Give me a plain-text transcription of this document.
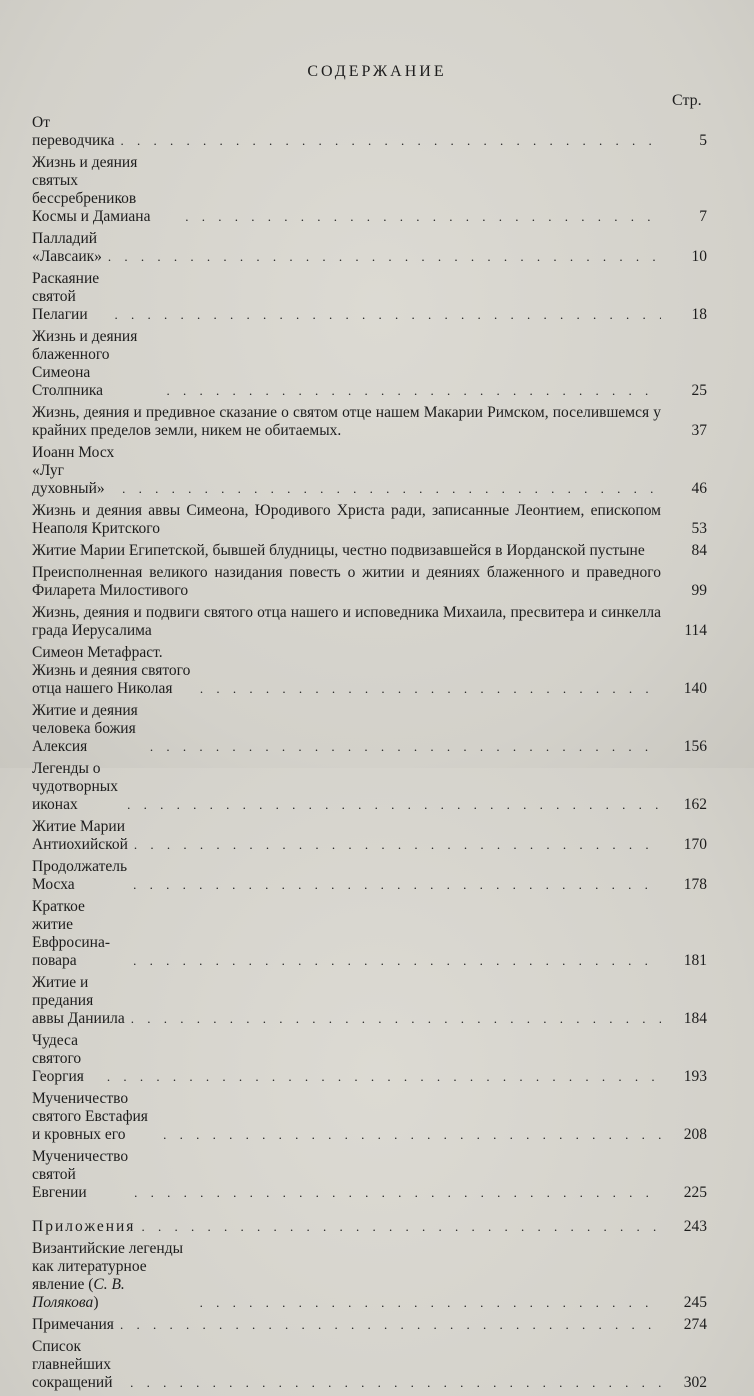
СОДЕРЖАНИЕ
Стр.
От переводчика . . .	5
Жизнь и деяния святых бессребреников Космы и Дамиана . . .	7
Палладий «Лавсаик» . . .	10
Раскаяние святой Пелагии . . .	18
Жизнь и деяния блаженного Симеона Столпника . . .	25
Жизнь, деяния и предивное сказание о святом отце нашем Макарии Римском, поселившемся у крайних пределов земли, никем не обитаемых.	37
Иоанн Мосх «Луг духовный» . . .	46
Жизнь и деяния аввы Симеона, Юродивого Христа ради, записанные Леонтием, епископом Неаполя Критского	53
Житие Марии Египетской, бывшей блудницы, честно подвизавшейся в Иорданской пустыне	84
Преисполненная великого назидания повесть о житии и деяниях блаженного и праведного Филарета Милостивого	99
Жизнь, деяния и подвиги святого отца нашего и исповедника Михаила, пресвитера и синкелла града Иерусалима	114
Симеон Метафраст. Жизнь и деяния святого отца нашего Николая . . .	140
Житие и деяния человека божия Алексия . . .	156
Легенды о чудотворных иконах . . .	162
Житие Марии Антиохийской . . .	170
Продолжатель Мосха . . .	178
Краткое житие Евфросина-повара . . .	181
Житие и предания аввы Даниила . . .	184
Чудеса святого Георгия . . .	193
Мученичество святого Евстафия и кровных его . . .	208
Мученичество святой Евгении . . .	225
Приложения . . .	243
Византийские легенды как литературное явление (С. В. Полякова) . . .	245
Примечания . . .	274
Список главнейших сокращений . . .	302
